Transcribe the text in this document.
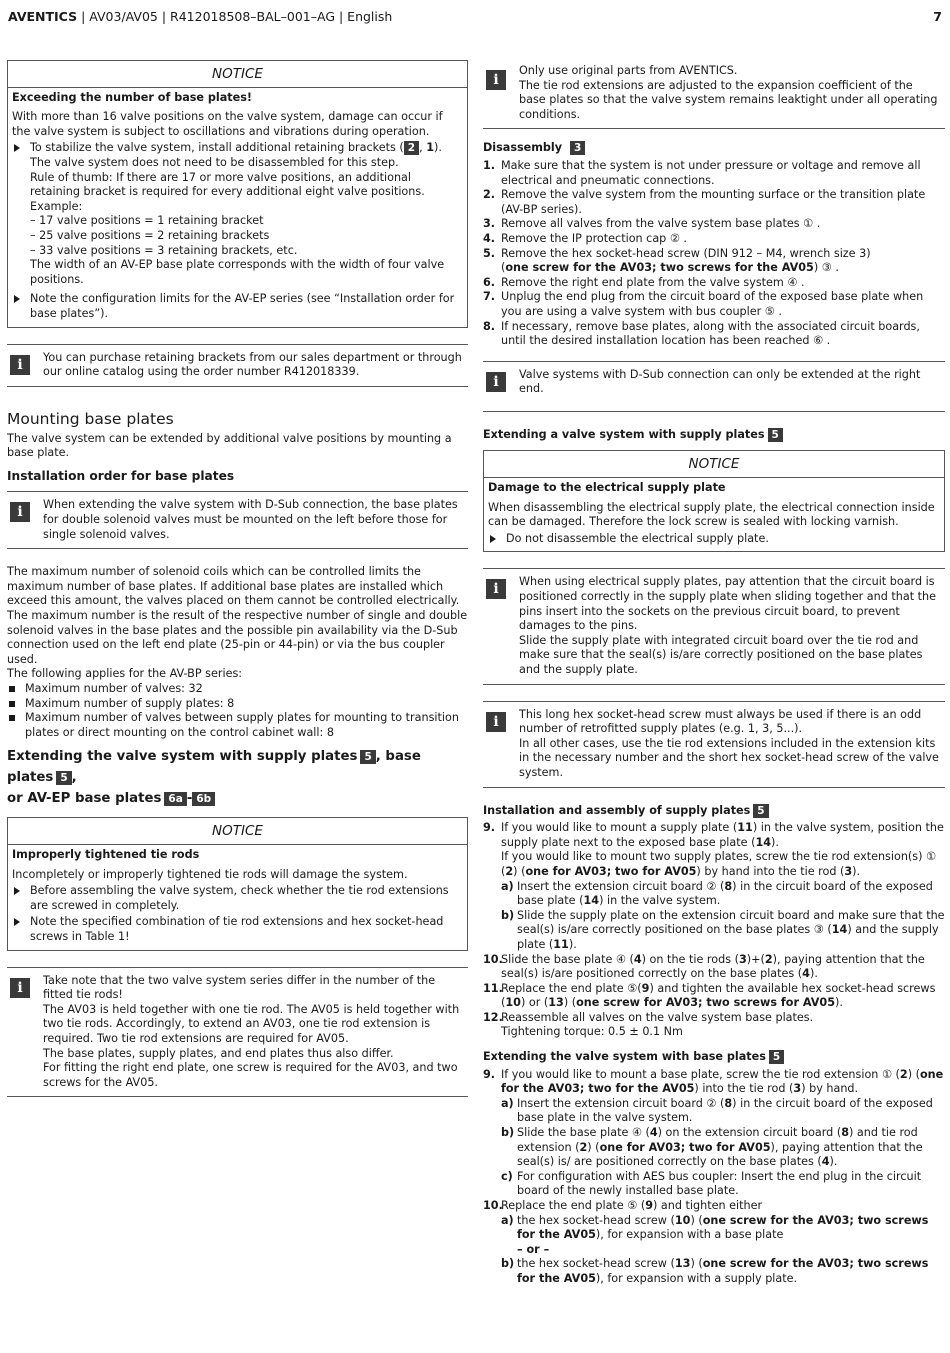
AVENTICS | AV03/AV05 | R412018508–BAL–001–AG | English	7
NOTICE
Exceeding the number of base plates!

With more than 16 valve positions on the valve system, damage can occur if the valve system is subject to oscillations and vibrations during operation.

To stabilize the valve system, install additional retaining brackets ( 2 , 1).

The valve system does not need to be disassembled for this step.

Rule of thumb: If there are 17 or more valve positions, an additional retaining bracket is required for every additional eight valve positions.

Example:

– 17 valve positions = 1 retaining bracket

– 25 valve positions = 2 retaining brackets

– 33 valve positions = 3 retaining brackets, etc.

The width of an AV-EP base plate corresponds with the width of four valve positions.

Note the configuration limits for the AV-EP series (see “Installation order for base plates”).
i	You can purchase retaining brackets from our sales department or through our online catalog using the order number R412018339.

Mounting base plates

The valve system can be extended by additional valve positions by mounting a base plate.

Installation order for base plates
i	When extending the valve system with D-Sub connection, the base plates for double solenoid valves must be mounted on the left before those for single solenoid valves.

The maximum number of solenoid coils which can be controlled limits the maximum number of base plates. If additional base plates are installed which exceed this amount, the valves placed on them cannot be controlled electrically.

The maximum number is the result of the respective number of single and double solenoid valves in the base plates and the possible pin availability via the D-Sub connection used on the left end plate (25-pin or 44-pin) or via the bus coupler used.

The following applies for the AV-BP series:

Maximum number of valves: 32
Maximum number of supply plates: 8
Maximum number of valves between supply plates for mounting to transition plates or direct mounting on the control cabinet wall: 8
Extending the valve system with supply plates 5 , base plates 5 ,
or AV-EP base plates 6a - 6b
NOTICE
Improperly tightened tie rods

Incompletely or improperly tightened tie rods will damage the system.

Before assembling the valve system, check whether the tie rod extensions are screwed in completely.
Note the specified combination of tie rod extensions and hex socket-head screws in Table 1!
i	Take note that the two valve system series differ in the number of the fitted tie rods!

The AV03 is held together with one tie rod. The AV05 is held together with two tie rods. Accordingly, to extend an AV03, one tie rod extension is required. Two tie rod extensions are required for AV05.

The base plates, supply plates, and end plates thus also differ.

For fitting the right end plate, one screw is required for the AV03, and two screws for the AV05.

i

Only use original parts from AVENTICS.

The tie rod extensions are adjusted to the expansion coefficient of the base plates so that the valve system remains leaktight under all operating conditions.

Disassembly 3
1. Make sure that the system is not under pressure or voltage and remove all electrical and pneumatic connections.
2. Remove the valve system from the mounting surface or the transition plate (AV-BP series).
3. Remove all valves from the valve system base plates ① .
4. Remove the IP protection cap ② .
5. Remove the hex socket-head screw (DIN 912 – M4, wrench size 3)
(one screw for the AV03; two screws for the AV05) ③ .
6. Remove the right end plate from the valve system ④ .
7. Unplug the end plug from the circuit board of the exposed base plate when you are using a valve system with bus coupler ⑤ .
8. If necessary, remove base plates, along with the associated circuit boards, until the desired installation location has been reached ⑥ .
i	Valve systems with D-Sub connection can only be extended at the right end.

Extending a valve system with supply plates 5
NOTICE
Damage to the electrical supply plate

When disassembling the electrical supply plate, the electrical connection inside can be damaged. Therefore the lock screw is sealed with locking varnish.

Do not disassemble the electrical supply plate.
i	When using electrical supply plates, pay attention that the circuit board is positioned correctly in the supply plate when sliding together and that the pins insert into the sockets on the previous circuit board, to prevent damages to the pins.

Slide the supply plate with integrated circuit board over the tie rod and make sure that the seal(s) is/are correctly positioned on the base plates and the supply plate.

i	This long hex socket-head screw must always be used if there is an odd number of retrofitted supply plates (e.g. 1, 3, 5...).

In all other cases, use the tie rod extensions included in the extension kits in the necessary number and the short hex socket-head screw of the valve system.

Installation and assembly of supply plates 5
9. If you would like to mount a supply plate (11) in the valve system, position the supply plate next to the exposed base plate (14).
If you would like to mount two supply plates, screw the tie rod extension(s) ① (2) (one for AV03; two for AV05) by hand into the tie rod (3).
a) Insert the extension circuit board ② (8) in the circuit board of the exposed base plate (14) in the valve system.
b) Slide the supply plate on the extension circuit board and make sure that the seal(s) is/are correctly positioned on the base plates ③ (14) and the supply plate (11).
10.
Slide the base plate ④ (4) on the tie rods (3)+(2), paying attention that the seal(s) is/are positioned correctly on the base plates (4).
11.
Replace the end plate ⑤(9) and tighten the available hex socket-head screws (10) or (13) (one screw for AV03; two screws for AV05).
12.
Reassemble all valves on the valve system base plates.
Tightening torque: 0.5 ± 0.1 Nm
Extending the valve system with base plates 5
9. If you would like to mount a base plate, screw the tie rod extension ① (2) (one for the AV03; two for the AV05) into the tie rod (3) by hand.
a) Insert the extension circuit board ② (8) in the circuit board of the exposed base plate in the valve system.
b) Slide the base plate ④ (4) on the extension circuit board (8) and tie rod extension (2) (one for AV03; two for AV05), paying attention that the seal(s) is/ are positioned correctly on the base plates (4).
c) For configuration with AES bus coupler: Insert the end plug in the circuit board of the newly installed base plate.
10.
Replace the end plate ⑤ (9) and tighten either
a) the hex socket-head screw (10) (one screw for the AV03; two screws for the AV05), for expansion with a base plate
– or –
b) the hex socket-head screw (13) (one screw for the AV03; two screws for the AV05), for expansion with a supply plate.
